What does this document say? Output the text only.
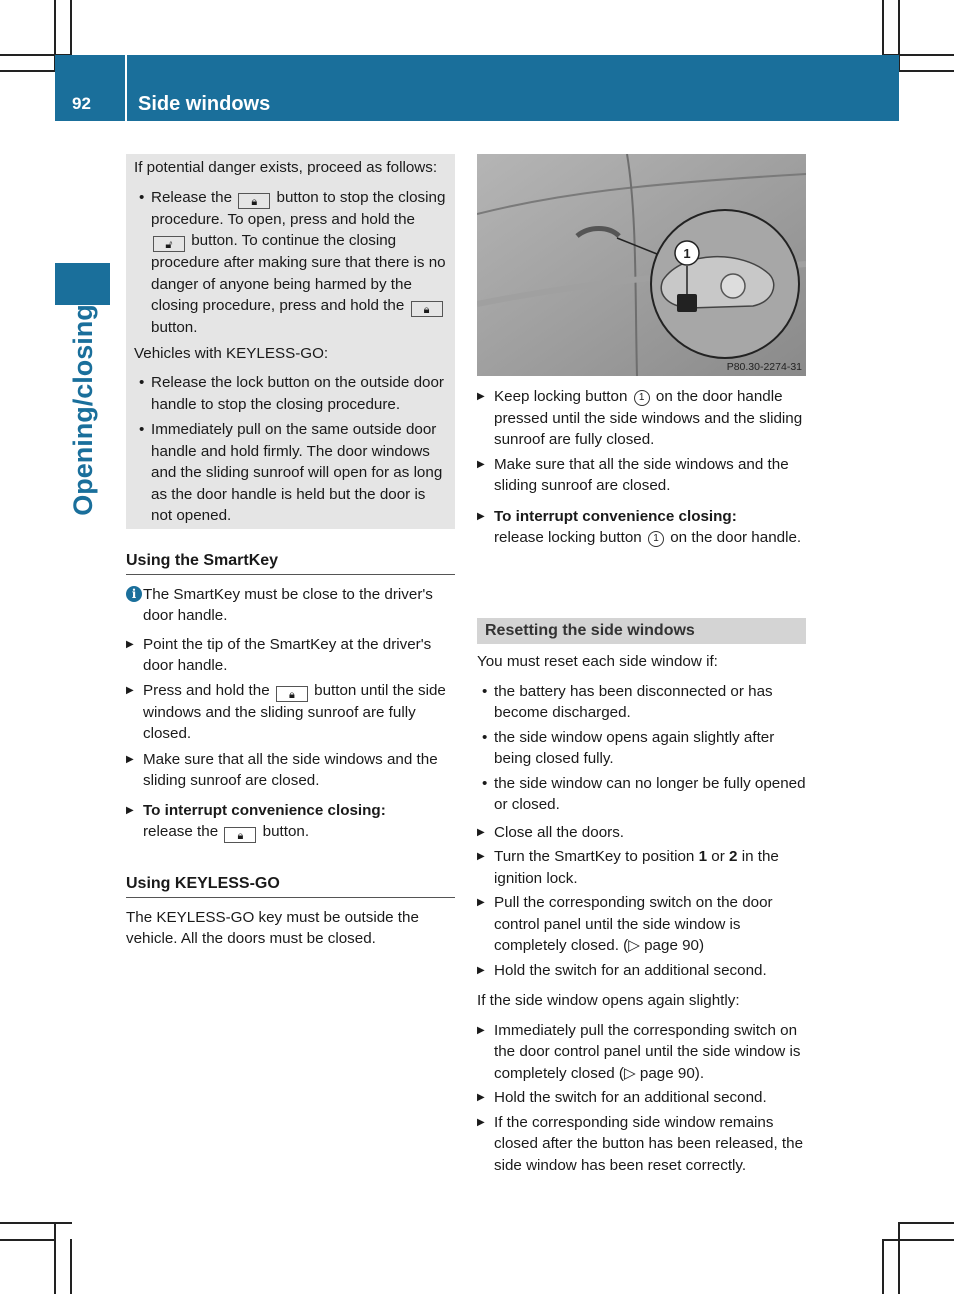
92	Side windows
Opening/closing

If potential danger exists, proceed as follows:

• Release the 🔒︎ button to stop the closing procedure. To open, press and hold the 🔓︎ button. To continue the closing procedure after making sure that there is no danger of anyone being harmed by the closing procedure, press and hold the 🔒︎ button.

Vehicles with KEYLESS-GO:

• Release the lock button on the outside door handle to stop the closing procedure.
• Immediately pull on the same outside door handle and hold firmly. The door windows and the sliding sunroof will open for as long as the door handle is held but the door is not opened.
Using the SmartKey
i The SmartKey must be close to the driver's door handle.
▶ Point the tip of the SmartKey at the driver's door handle.
▶ Press and hold the 🔒︎ button until the side windows and the sliding sunroof are fully closed.
▶ Make sure that all the side windows and the sliding sunroof are closed.
▶ To interrupt convenience closing:
release the 🔒︎ button.
Using KEYLESS-GO

The KEYLESS-GO key must be outside the vehicle. All the doors must be closed.

1
P80.30-2274-31
▶ Keep locking button 1 on the door handle pressed until the side windows and the sliding sunroof are fully closed.
▶ Make sure that all the side windows and the sliding sunroof are closed.
▶ To interrupt convenience closing:
release locking button 1 on the door handle.
Resetting the side windows

You must reset each side window if:

• the battery has been disconnected or has become discharged.
• the side window opens again slightly after being closed fully.
• the side window can no longer be fully opened or closed.
▶ Close all the doors.
▶ Turn the SmartKey to position 1 or 2 in the ignition lock.
▶ Pull the corresponding switch on the door control panel until the side window is completely closed. (▷ page 90)
▶ Hold the switch for an additional second.

If the side window opens again slightly:

▶ Immediately pull the corresponding switch on the door control panel until the side window is completely closed (▷ page 90).
▶ Hold the switch for an additional second.
▶ If the corresponding side window remains closed after the button has been released, the side window has been reset correctly.
